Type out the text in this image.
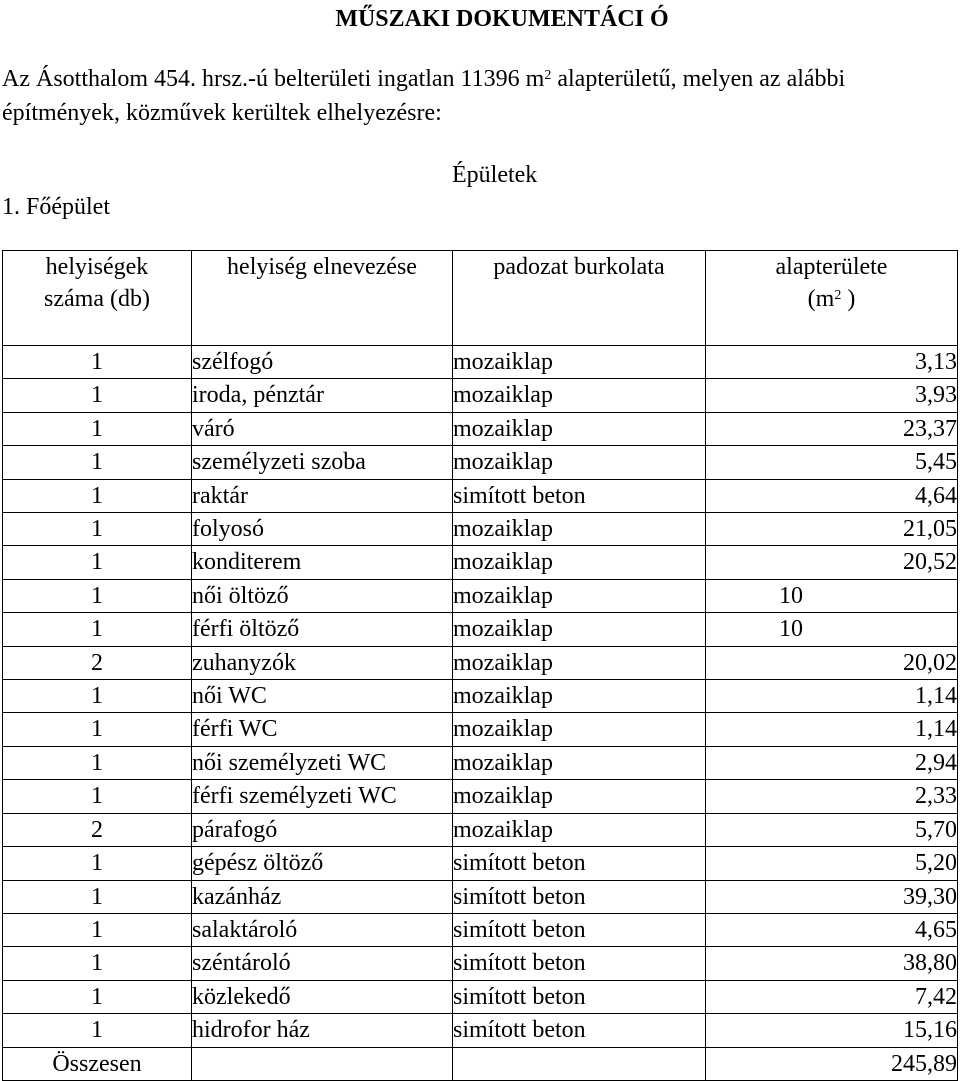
MŰSZAKI DOKUMENTÁCI Ó
Az Ásotthalom 454. hrsz.-ú belterületi ingatlan 11396 $m^2$ alapterületű, melyen az alábbi építmények, közművek kerültek elhelyezésre:
Épületek
1. Főépület
helyiségek száma (db)	helyiség elnevezése	padozat burkolata	alapterülete
($m^2$ )
1	szélfogó	mozaiklap	3,13
1	iroda, pénztár	mozaiklap	3,93
1	váró	mozaiklap	23,37
1	személyzeti szoba	mozaiklap	5,45
1	raktár	simított beton	4,64
1	folyosó	mozaiklap	21,05
1	konditerem	mozaiklap	20,52
1	női öltöző	mozaiklap	10
1	férfi öltöző	mozaiklap	10
2	zuhanyzók	mozaiklap	20,02
1	női WC	mozaiklap	1,14
1	férfi WC	mozaiklap	1,14
1	női személyzeti WC	mozaiklap	2,94
1	férfi személyzeti WC	mozaiklap	2,33
2	párafogó	mozaiklap	5,70
1	gépész öltöző	simított beton	5,20
1	kazánház	simított beton	39,30
1	salaktároló	simított beton	4,65
1	széntároló	simított beton	38,80
1	közlekedő	simított beton	7,42
1	hidrofor ház	simított beton	15,16
Összesen			245,89
